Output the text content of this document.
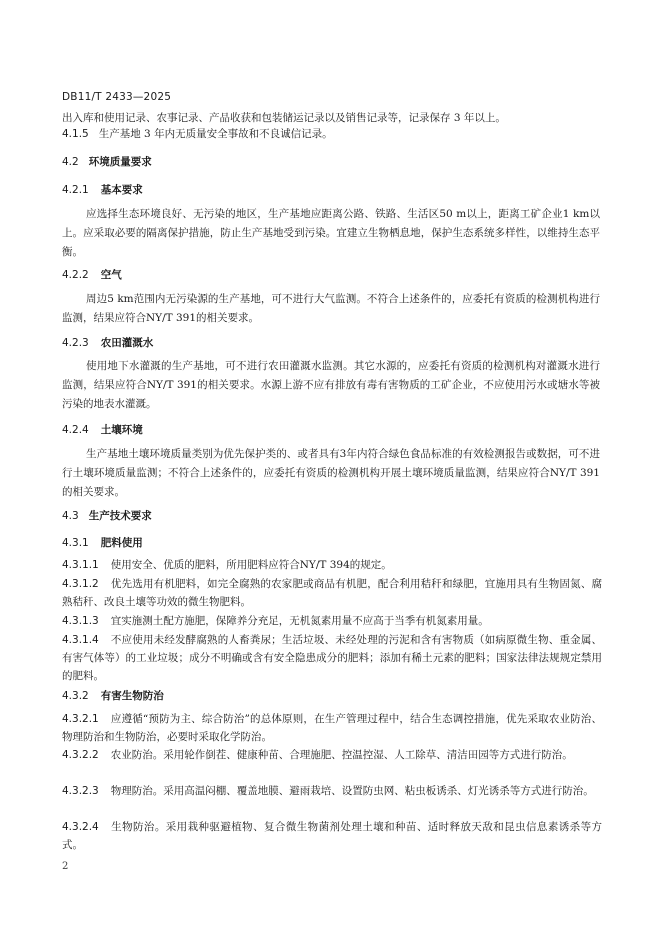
DB11/T 2433—2025
出入库和使用记录、农事记录、产品收获和包装储运记录以及销售记录等，记录保存 3 年以上。
4.1.5 生产基地 3 年内无质量安全事故和不良诚信记录。
4.2 环境质量要求
4.2.1 基本要求
应选择生态环境良好、无污染的地区，生产基地应距离公路、铁路、生活区50 m以上，距离工矿企业1 km以上。应采取必要的隔离保护措施，防止生产基地受到污染。宜建立生物栖息地，保护生态系统多样性，以维持生态平衡。
4.2.2 空气
周边5 km范围内无污染源的生产基地，可不进行大气监测。不符合上述条件的，应委托有资质的检测机构进行监测，结果应符合NY/T 391的相关要求。
4.2.3 农田灌溉水
使用地下水灌溉的生产基地，可不进行农田灌溉水监测。其它水源的，应委托有资质的检测机构对灌溉水进行监测，结果应符合NY/T 391的相关要求。水源上游不应有排放有毒有害物质的工矿企业，不应使用污水或塘水等被污染的地表水灌溉。
4.2.4 土壤环境
生产基地土壤环境质量类别为优先保护类的、或者具有3年内符合绿色食品标准的有效检测报告或数据，可不进行土壤环境质量监测；不符合上述条件的，应委托有资质的检测机构开展土壤环境质量监测，结果应符合NY/T 391的相关要求。
4.3 生产技术要求
4.3.1 肥料使用
4.3.1.1 使用安全、优质的肥料，所用肥料应符合NY/T 394的规定。
4.3.1.2 优先选用有机肥料，如完全腐熟的农家肥或商品有机肥，配合利用秸秆和绿肥，宜施用具有生物固氮、腐熟秸秆、改良土壤等功效的微生物肥料。
4.3.1.3 宜实施测土配方施肥，保障养分充足，无机氮素用量不应高于当季有机氮素用量。
4.3.1.4 不应使用未经发酵腐熟的人畜粪尿；生活垃圾、未经处理的污泥和含有害物质（如病原微生物、重金属、有害气体等）的工业垃圾；成分不明确或含有安全隐患成分的肥料；添加有稀土元素的肥料；国家法律法规规定禁用的肥料。
4.3.2 有害生物防治
4.3.2.1 应遵循“预防为主、综合防治”的总体原则，在生产管理过程中，结合生态调控措施，优先采取农业防治、物理防治和生物防治，必要时采取化学防治。
4.3.2.2 农业防治。采用轮作倒茬、健康种苗、合理施肥、控温控湿、人工除草、清洁田园等方式进行防治。
4.3.2.3 物理防治。采用高温闷棚、覆盖地膜、避雨栽培、设置防虫网、粘虫板诱杀、灯光诱杀等方式进行防治。
4.3.2.4 生物防治。采用栽种驱避植物、复合微生物菌剂处理土壤和种苗、适时释放天敌和昆虫信息素诱杀等方式。
2
